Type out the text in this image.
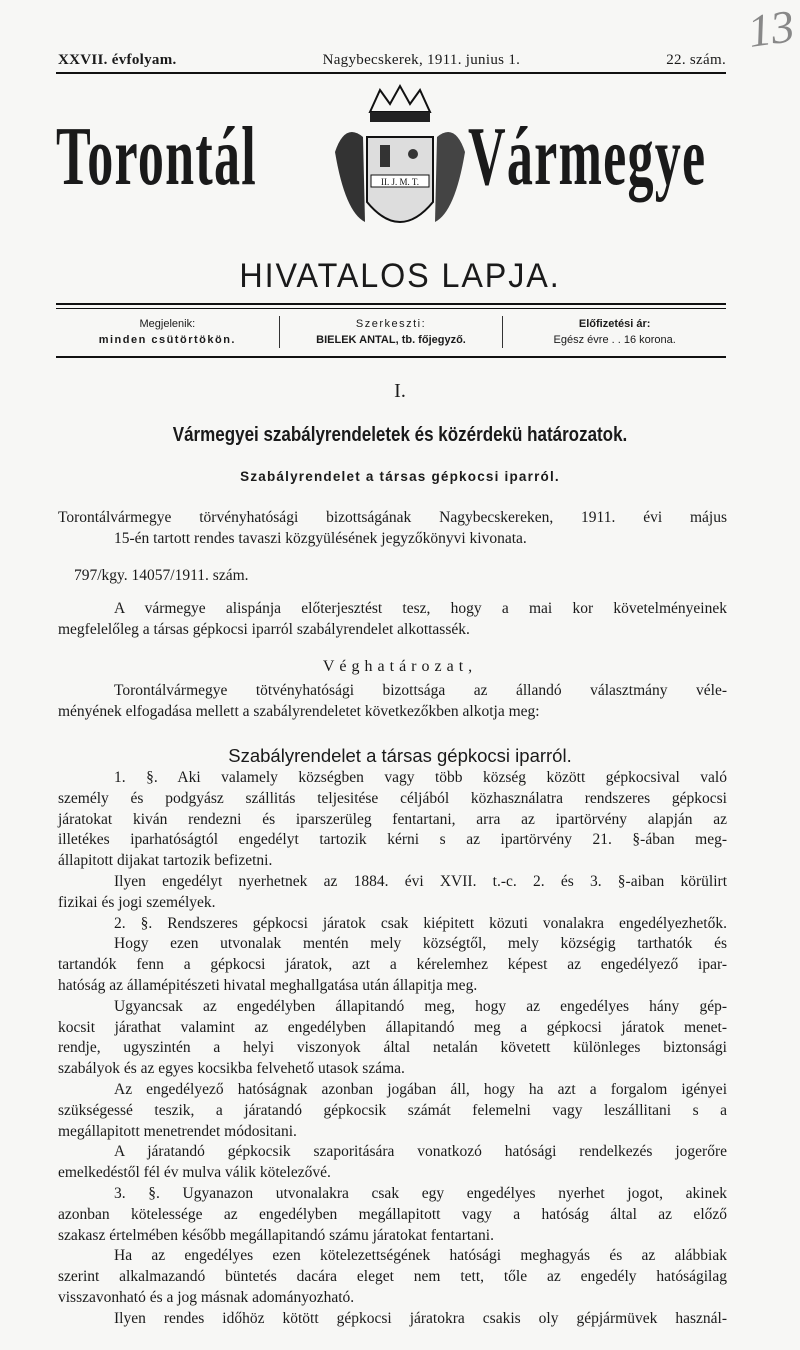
13
XXVII. évfolyam.	Nagybecskerek, 1911. junius 1.	22. szám.
Torontál	Vármegye
II. J. M. T.
HIVATALOS LAPJA.
Megjelenik:
minden csütörtökön.
Szerkeszti:
BIELEK ANTAL, tb. főjegyző.
Előfizetési ár:
Egész évre . . 16 korona.
I.
Vármegyei szabályrendeletek és közérdekü határozatok.
Szabályrendelet a társas gépkocsi iparról.
Torontálvármegye törvényhatósági bizottságának Nagybecskereken, 1911. évi május
15-én tartott rendes tavaszi közgyülésének jegyzőkönyvi kivonata.
797/kgy. 14057/1911. szám.
A vármegye alispánja előterjesztést tesz, hogy a mai kor követelményeinek
megfelelőleg a társas gépkocsi iparról szabályrendelet alkottassék.
Véghatározat,
Torontálvármegye tötvényhatósági bizottsága az állandó választmány véle-
ményének elfogadása mellett a szabályrendeletet következőkben alkotja meg:
Szabályrendelet a társas gépkocsi iparról.
1. §. Aki valamely községben vagy több község között gépkocsival való
személy és podgyász szállitás teljesitése céljából közhasználatra rendszeres gépkocsi
járatokat kiván rendezni és iparszerüleg fentartani, arra az ipartörvény alapján az
illetékes iparhatóságtól engedélyt tartozik kérni s az ipartörvény 21. §-ában meg-
állapitott dijakat tartozik befizetni.
Ilyen engedélyt nyerhetnek az 1884. évi XVII. t.-c. 2. és 3. §-aiban körülirt
fizikai és jogi személyek.
2. §. Rendszeres gépkocsi járatok csak kiépitett közuti vonalakra engedélyezhetők.
Hogy ezen utvonalak mentén mely községtől, mely községig tarthatók és
tartandók fenn a gépkocsi járatok, azt a kérelemhez képest az engedélyező ipar-
hatóság az államépitészeti hivatal meghallgatása után állapitja meg.
Ugyancsak az engedélyben állapitandó meg, hogy az engedélyes hány gép-
kocsit járathat valamint az engedélyben állapitandó meg a gépkocsi járatok menet-
rendje, ugyszintén a helyi viszonyok által netalán követett különleges biztonsági
szabályok és az egyes kocsikba felvehető utasok száma.
Az engedélyező hatóságnak azonban jogában áll, hogy ha azt a forgalom igényei
szükségessé teszik, a járatandó gépkocsik számát felemelni vagy leszállitani s a
megállapitott menetrendet módositani.
A járatandó gépkocsik szaporitására vonatkozó hatósági rendelkezés jogerőre
emelkedéstől fél év mulva válik kötelezővé.
3. §. Ugyanazon utvonalakra csak egy engedélyes nyerhet jogot, akinek
azonban kötelessége az engedélyben megállapitott vagy a hatóság által az előző
szakasz értelmében később megállapitandó számu járatokat fentartani.
Ha az engedélyes ezen kötelezettségének hatósági meghagyás és az alábbiak
szerint alkalmazandó büntetés dacára eleget nem tett, tőle az engedély hatóságilag
visszavonható és a jog másnak adományozható.
Ilyen rendes időhöz kötött gépkocsi járatokra csakis oly gépjármüvek használ-
